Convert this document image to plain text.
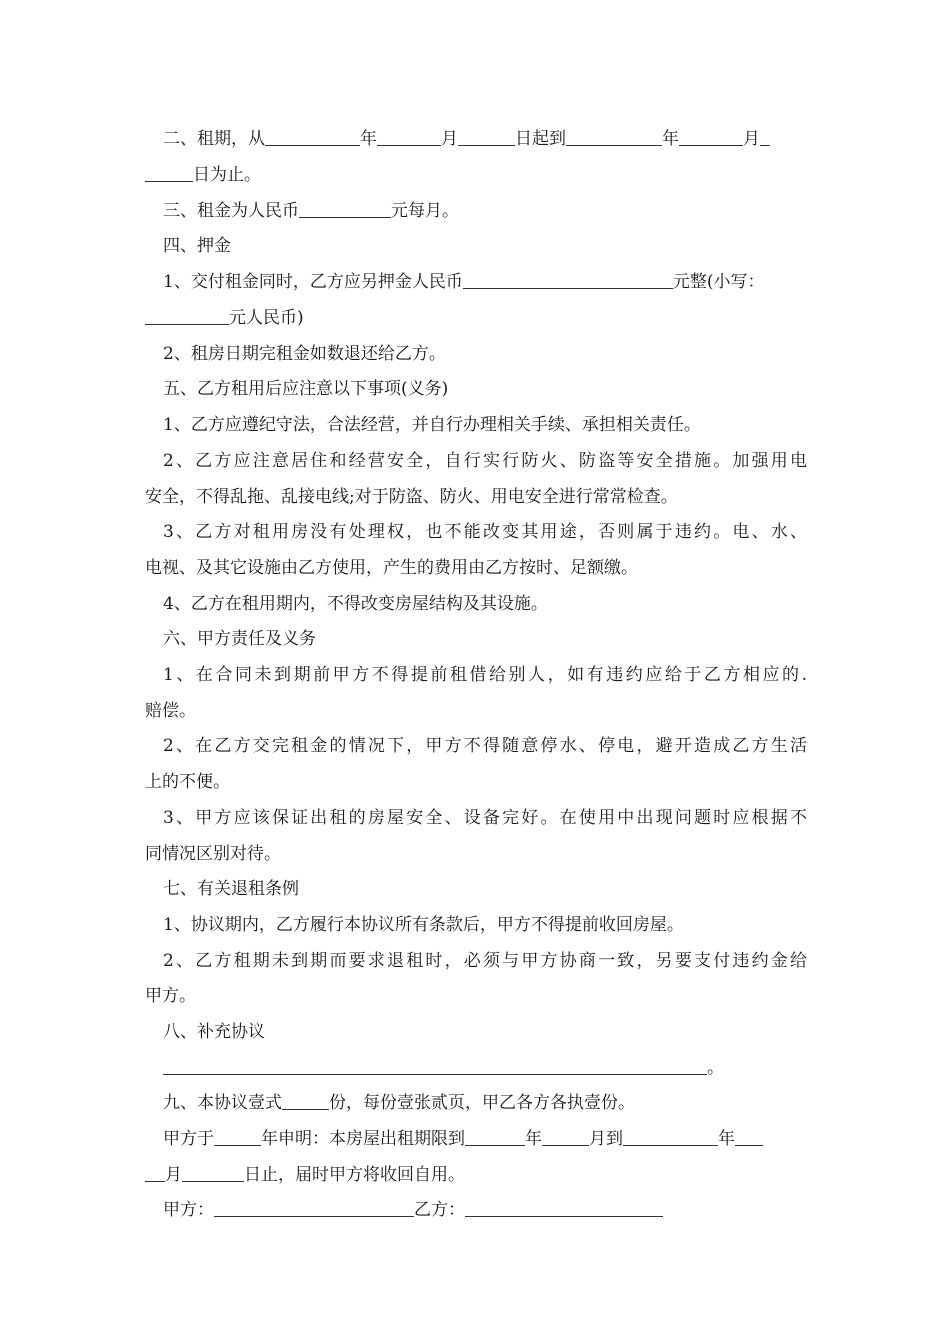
二、租期，从	年	月	日起到	年	月
日为止。
三、租金为人民币	元每月。
四、押金
1、交付租金同时，乙方应另押金人民币	元整(小写：
元人民币)
2、租房日期完租金如数退还给乙方。
五、乙方租用后应注意以下事项(义务)
1、乙方应遵纪守法，合法经营，并自行办理相关手续、承担相关责任。
2、乙方应注意居住和经营安全，自行实行防火、防盗等安全措施。加强用电
安全，不得乱拖、乱接电线;对于防盗、防火、用电安全进行常常检查。
3、乙方对租用房没有处理权，也不能改变其用途，否则属于违约。电、水、
电视、及其它设施由乙方使用，产生的费用由乙方按时、足额缴。
4、乙方在租用期内，不得改变房屋结构及其设施。
六、甲方责任及义务
1、在合同未到期前甲方不得提前租借给别人，如有违约应给于乙方相应的.
赔偿。
2、在乙方交完租金的情况下，甲方不得随意停水、停电，避开造成乙方生活
上的不便。
3、甲方应该保证出租的房屋安全、设备完好。在使用中出现问题时应根据不
同情况区别对待。
七、有关退租条例
1、协议期内，乙方履行本协议所有条款后，甲方不得提前收回房屋。
2、乙方租期未到期而要求退租时，必须与甲方协商一致，另要支付违约金给
甲方。
八、补充协议
。
九、本协议壹式	份，每份壹张贰页，甲乙各方各执壹份。
甲方于	年申明：本房屋出租期限到	年	月到	年
月	日止，届时甲方将收回自用。
甲方：	乙方：
